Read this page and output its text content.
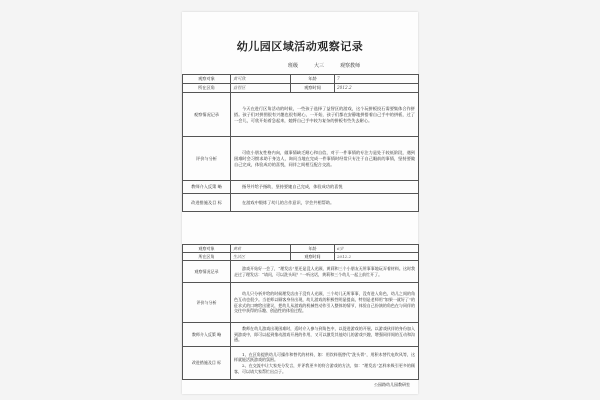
幼儿园区域活动观察记录
班级	大三	观察教师
观察对象	黄可欣	年龄	7
所在区角	益智区	观察时间	2012.2
观察情况记录	今天在进行区角活动的时候，一些孩子选择了益智区的游戏，这个玩拼板投石需要集体合作拼搭。孩子们对拼图很有兴趣也很有耐心，一开始，孩子们都在安静地拼搭着自己手中的拼板，过了一会儿，可欣开始着急起来，她将自己手中较为复杂的拼板有些失去耐心。		
评价与分析	可欣小朋友性格内向，做事情缺乏耐心和自信，对于一件事情的专注力是处于较低阶段，遇到困难时会习惯求助于身边人，询问当地在完成一件事情时经常只专注于自己眼前的事情，坚持要做自己完成，体验成功的喜悦，同伴之间相互配合交流。		
教师介入反策 略	指导并给予指助，坚持要她自己完成，体验成功的喜悦		
改进措施及目 标	在游戏中锻炼了幼儿的合作意识，学会共相帮助。		
观察对象	黄莉	年龄	6岁
所在区角	生活区	观察时间	2012.2
观察情况记录	游戏开始好一会了，“理发店”里还是没人光顾，黄莉和三个小朋友无所事事地玩弄着材料。这时我走过了理发店：“请问，可以洗头吗？”一听这话，黄莉和三个幼儿一起上前忙开了。		
评价与分析	幼儿只分析并给的时候理发店由于没有人光顾，三个幼儿无所事事，没有进入角色，幼儿之间的角色互动也很少。当老师以顾客身份出现，幼儿游戏的积极性明显提高，特别是老师用“如果一就好了”的征求式的口吻给出建议，把幼儿从游戏的机械性动作引入整体的情节，体验自己扮演的角色在与同伴的交往中获得的乐趣、创造性的体验过程。		
教师介入反策 略	教师在幼儿游戏出现困难时，适时介入参与到角色中，以促进游戏的开展。以游戏伙伴的身份加入到游戏中，即可以起到推动游戏开展的作用，又可以激发其他幼儿的游戏兴趣，增强同伴间的互动和沟通。		
改进措施及目 标	1、在区角提供幼儿可操作和替代的材料，如：用饮料瓶替代“洗头膏”，用积木替代电吹风等，这样就能活跃游戏的氛围。
2、在交流中让大家充分发言，并评我更多的符合游戏的方法，如：“理发店”怎样来吸引更多的顾客，可以请大家帮忙出点子。		
公园路幼儿园教研室
